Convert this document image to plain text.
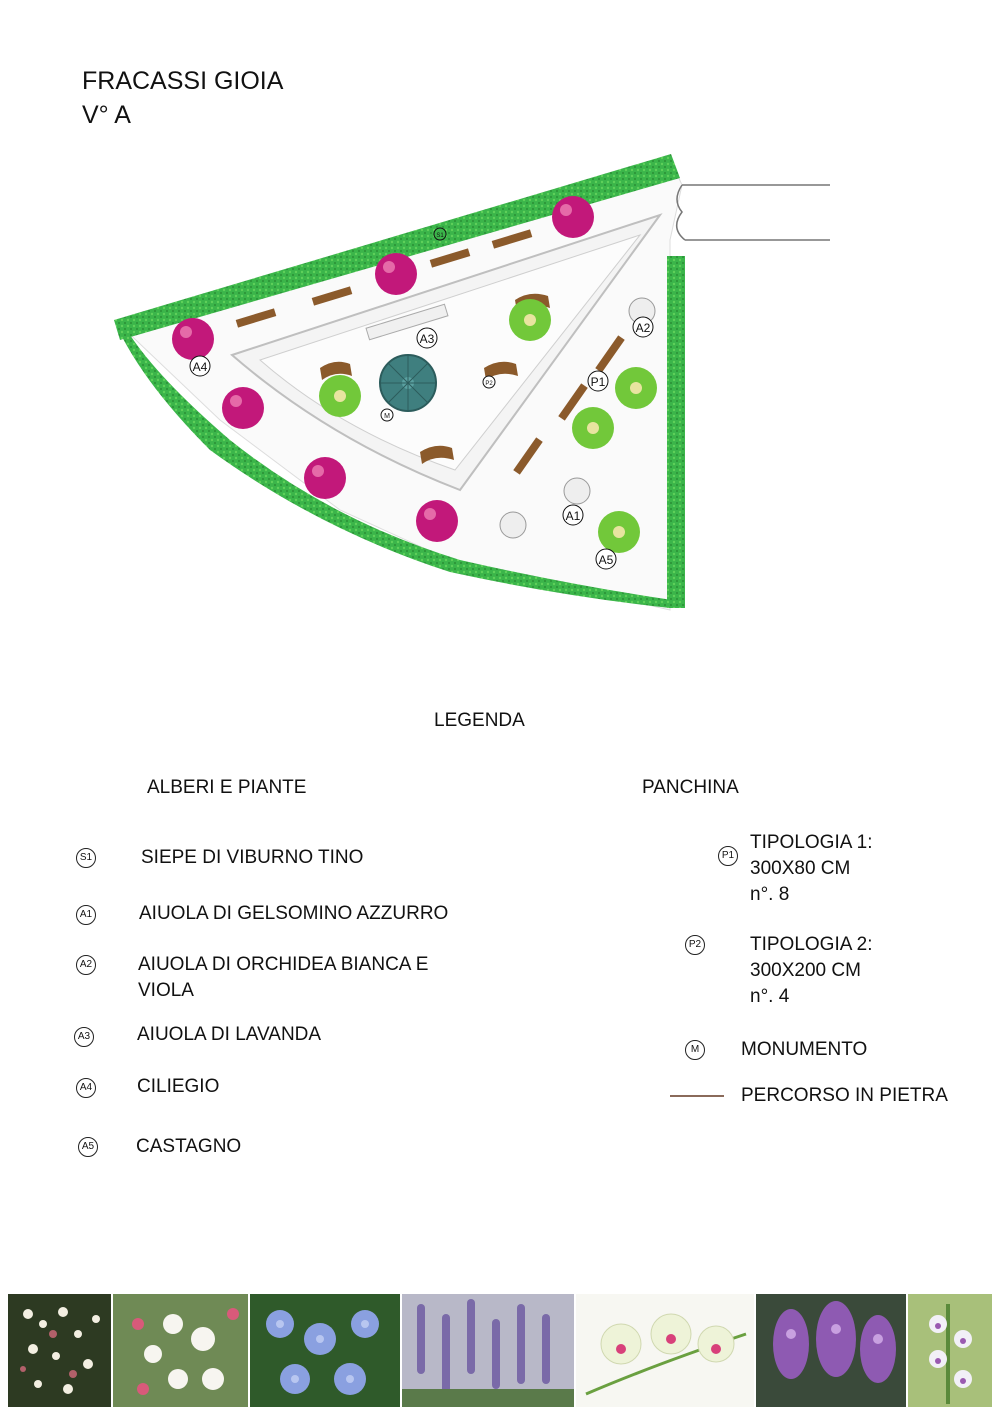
FRACASSI GIOIA
V° A
S1
A4
A3
A2
P1
P2
M
A1
A5
LEGENDA
ALBERI E PIANTE	PANCHINA
S1	SIEPE DI VIBURNO TINO
A1 AIUOLA DI GELSOMINO AZZURRO
A2 AIUOLA DI ORCHIDEA BIANCA E
VIOLA
A3 AIUOLA DI LAVANDA
A4 CILIEGIO
A5 CASTAGNO
P1
TIPOLOGIA 1:
300X80 CM
n°. 8
P2	TIPOLOGIA 2:
300X200 CM
n°. 4
M	MONUMENTO
PERCORSO IN PIETRA
